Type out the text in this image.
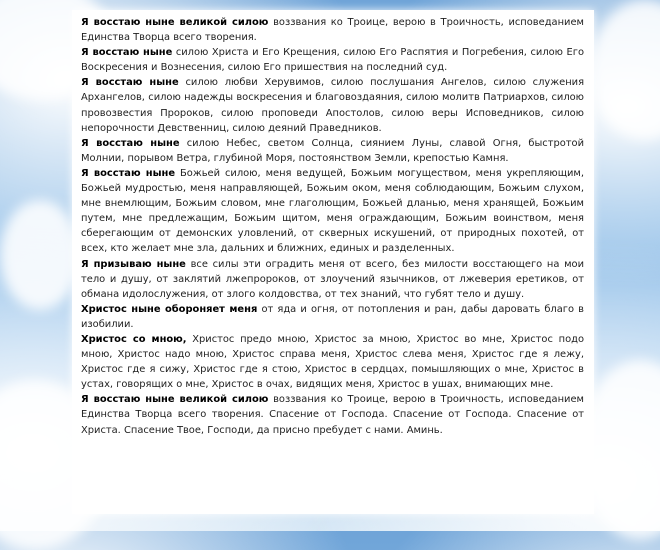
Я восстаю ныне великой силою воззвания ко Троице, верою в Троичность, исповеданием Единства Творца всего творения.

Я восстаю ныне силою Христа и Его Крещения, силою Его Распятия и Погребения, силою Его Воскресения и Вознесения, силою Его пришествия на последний суд.

Я восстаю ныне силою любви Херувимов, силою послушания Ангелов, силою служения Архангелов, силою надежды воскресения и благовоздаяния, силою молитв Патриархов, силою провозвестия Пророков, силою проповеди Апостолов, силою веры Исповедников, силою непорочности Девственниц, силою деяний Праведников.

Я восстаю ныне силою Небес, светом Солнца, сиянием Луны, славой Огня, быстротой Молнии, порывом Ветра, глубиной Моря, постоянством Земли, крепостью Камня.

Я восстаю ныне Божьей силою, меня ведущей, Божьим могуществом, меня укрепляющим, Божьей мудростью, меня направляющей, Божьим оком, меня соблюдающим, Божьим слухом, мне внемлющим, Божьим словом, мне глаголющим, Божьей дланью, меня хранящей, Божьим путем, мне предлежащим, Божьим щитом, меня ограждающим, Божьим воинством, меня сберегающим от демонских уловлений, от скверных искушений, от природных похотей, от всех, кто желает мне зла, дальних и ближних, единых и разделенных.

Я призываю ныне все силы эти оградить меня от всего, без милости восстающего на мои тело и душу, от заклятий лжепророков, от злоучений язычников, от лжеверия еретиков, от обмана идолослужения, от злого колдовства, от тех знаний, что губят тело и душу.

Христос ныне обороняет меня от яда и огня, от потопления и ран, дабы даровать благо в изобилии.

Христос со мною, Христос предо мною, Христос за мною, Христос во мне, Христос подо мною, Христос надо мною, Христос справа меня, Христос слева меня, Христос где я лежу, Христос где я сижу, Христос где я стою, Христос в сердцах, помышляющих о мне, Христос в устах, говорящих о мне, Христос в очах, видящих меня, Христос в ушах, внимающих мне.

Я восстаю ныне великой силою воззвания ко Троице, верою в Троичность, исповеданием Единства Творца всего творения. Спасение от Господа. Спасение от Господа. Спасение от Христа. Спасение Твое, Господи, да присно пребудет с нами. Аминь.
